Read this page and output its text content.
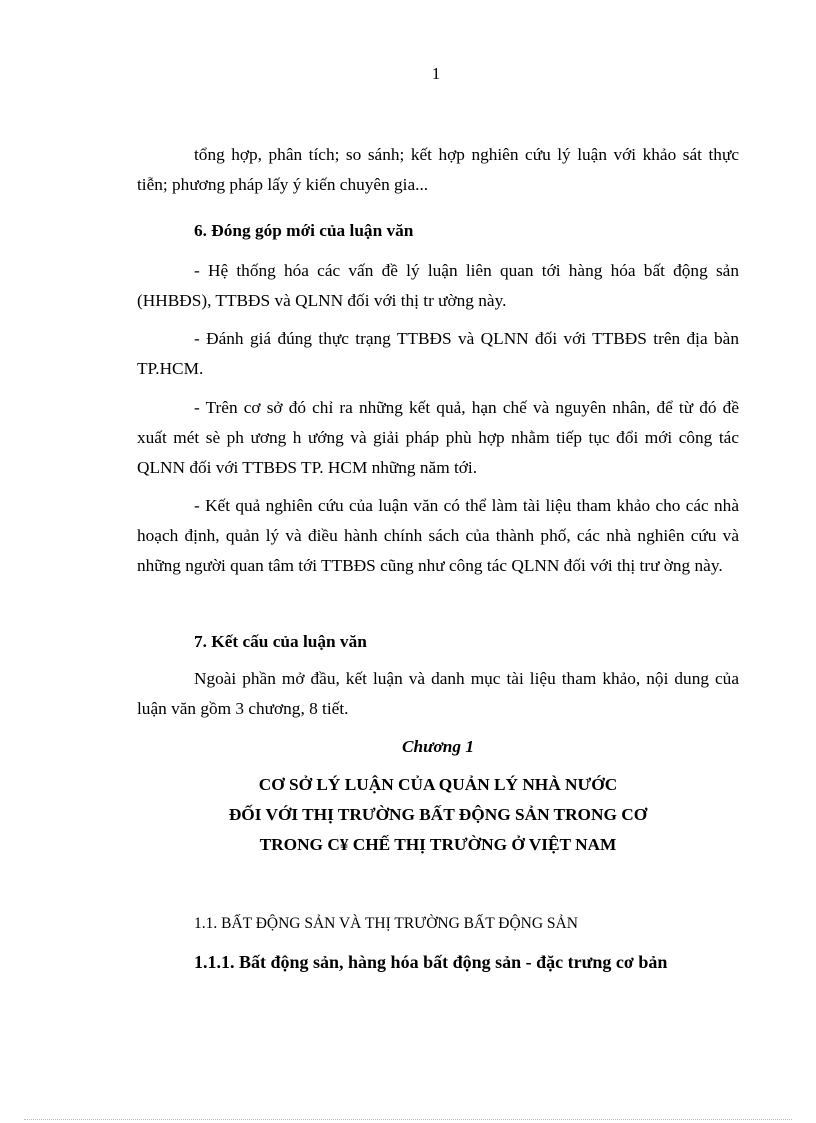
1
tổng hợp, phân tích; so sánh; kết hợp nghiên cứu lý luận với khảo sát thực tiễn; phương pháp lấy ý kiến chuyên gia...
6. Đóng góp mới của luận văn
- Hệ thống hóa các vấn đề lý luận liên quan tới hàng hóa bất động sản (HHBĐS), TTBĐS và QLNN đối với thị tr ường này.
- Đánh giá đúng thực trạng TTBĐS và QLNN đối với TTBĐS trên địa bàn TP.HCM.
- Trên cơ sở đó chỉ ra những kết quả, hạn chế và nguyên nhân, để từ đó đề xuất mét sè ph ương h ướng và giải pháp phù hợp nhằm tiếp tục đổi mới công tác QLNN đối với TTBĐS TP. HCM những năm tới.
- Kết quả nghiên cứu của luận văn có thể làm tài liệu tham khảo cho các nhà hoạch định, quản lý và điều hành chính sách của thành phố, các nhà nghiên cứu và những người quan tâm tới TTBĐS cũng như công tác QLNN đối với thị trư ờng này.
7. Kết cấu của luận văn
Ngoài phần mở đầu, kết luận và danh mục tài liệu tham khảo, nội dung của luận văn gồm 3 chương, 8 tiết.
Chương 1
CƠ SỞ LÝ LUẬN CỦA QUẢN LÝ NHÀ NƯỚC
ĐỐI VỚI THỊ TRƯỜNG BẤT ĐỘNG SẢN TRONG CƠ
TRONG C¥ CHẾ THỊ TRƯỜNG Ở VIỆT NAM
1.1. BẤT ĐỘNG SẢN VÀ THỊ TRƯỜNG BẤT ĐỘNG SẢN
1.1.1. Bất động sản, hàng hóa bất động sản - đặc trưng cơ bản
